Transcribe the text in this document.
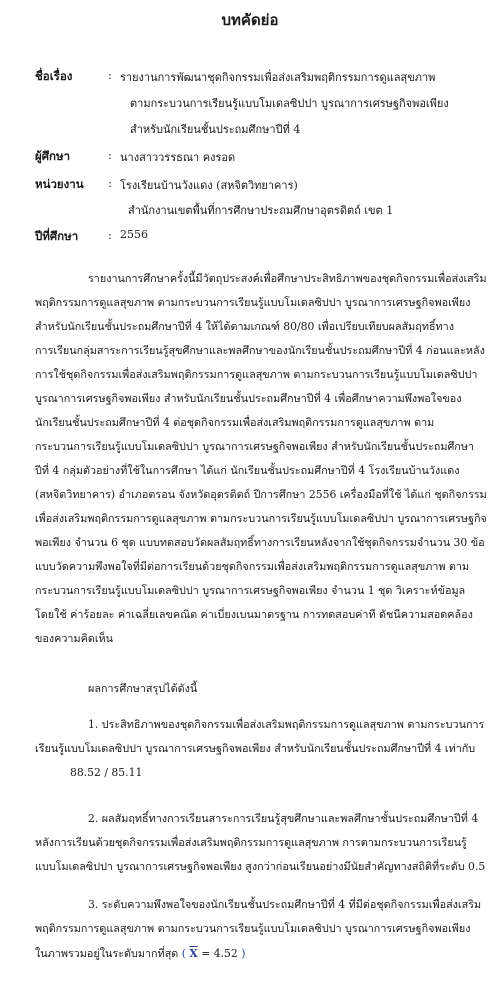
บทคัดย่อ
ชื่อเรื่อง	: รายงานการพัฒนาชุดกิจกรรมเพื่อส่งเสริมพฤติกรรมการดูแลสุขภาพ
ตามกระบวนการเรียนรู้แบบโมเดลซิปปา บูรณาการเศรษฐกิจพอเพียง
สำหรับนักเรียนชั้นประถมศึกษาปีที่ 4
ผู้ศึกษา	: นางสาววรรธณา คงรอด
หน่วยงาน : โรงเรียนบ้านวังแดง (สหจิตวิทยาคาร)
สำนักงานเขตพื้นที่การศึกษาประถมศึกษาอุตรดิตถ์ เขต 1
ปีที่ศึกษา	: 2556
รายงานการศึกษาครั้งนี้มีวัตถุประสงค์เพื่อศึกษาประสิทธิภาพของชุดกิจกรรมเพื่อส่งเสริม
พฤติกรรมการดูแลสุขภาพ ตามกระบวนการเรียนรู้แบบโมเดลซิปปา บูรณาการเศรษฐกิจพอเพียง
สำหรับนักเรียนชั้นประถมศึกษาปีที่ 4 ให้ได้ตามเกณฑ์ 80/80 เพื่อเปรียบเทียบผลสัมฤทธิ์ทาง
การเรียนกลุ่มสาระการเรียนรู้สุขศึกษาและพลศึกษาของนักเรียนชั้นประถมศึกษาปีที่ 4 ก่อนและหลัง
การใช้ชุดกิจกรรมเพื่อส่งเสริมพฤติกรรมการดูแลสุขภาพ ตามกระบวนการเรียนรู้แบบโมเดลซิปปา
บูรณาการเศรษฐกิจพอเพียง สำหรับนักเรียนชั้นประถมศึกษาปีที่ 4 เพื่อศึกษาความพึงพอใจของ
นักเรียนชั้นประถมศึกษาปีที่ 4 ต่อชุดกิจกรรมเพื่อส่งเสริมพฤติกรรมการดูแลสุขภาพ ตาม
กระบวนการเรียนรู้แบบโมเดลซิปปา บูรณาการเศรษฐกิจพอเพียง สำหรับนักเรียนชั้นประถมศึกษา
ปีที่ 4 กลุ่มตัวอย่างที่ใช้ในการศึกษา ได้แก่ นักเรียนชั้นประถมศึกษาปีที่ 4 โรงเรียนบ้านวังแดง
(สหจิตวิทยาคาร) อำเภอตรอน จังหวัดอุตรดิตถ์ ปีการศึกษา 2556 เครื่องมือที่ใช้ ได้แก่ ชุดกิจกรรม
เพื่อส่งเสริมพฤติกรรมการดูแลสุขภาพ ตามกระบวนการเรียนรู้แบบโมเดลซิปปา บูรณาการเศรษฐกิจ
พอเพียง จำนวน 6 ชุด แบบทดสอบวัดผลสัมฤทธิ์ทางการเรียนหลังจากใช้ชุดกิจกรรมจำนวน 30 ข้อ
แบบวัดความพึงพอใจที่มีต่อการเรียนด้วยชุดกิจกรรมเพื่อส่งเสริมพฤติกรรมการดูแลสุขภาพ ตาม
กระบวนการเรียนรู้แบบโมเดลซิปปา บูรณาการเศรษฐกิจพอเพียง จำนวน 1 ชุด วิเคราะห์ข้อมูล
โดยใช้ ค่าร้อยละ ค่าเฉลี่ยเลขคณิต ค่าเบี่ยงเบนมาตรฐาน การทดสอบค่าที ดัชนีความสอดคล้อง
ของความคิดเห็น
ผลการศึกษาสรุปได้ดังนี้
1. ประสิทธิภาพของชุดกิจกรรมเพื่อส่งเสริมพฤติกรรมการดูแลสุขภาพ ตามกระบวนการ
เรียนรู้แบบโมเดลซิปปา บูรณาการเศรษฐกิจพอเพียง สำหรับนักเรียนชั้นประถมศึกษาปีที่ 4 เท่ากับ
88.52 / 85.11
2. ผลสัมฤทธิ์ทางการเรียนสาระการเรียนรู้สุขศึกษาและพลศึกษาชั้นประถมศึกษาปีที่ 4
หลังการเรียนด้วยชุดกิจกรรมเพื่อส่งเสริมพฤติกรรมการดูแลสุขภาพ การตามกระบวนการเรียนรู้
แบบโมเดลซิปปา บูรณาการเศรษฐกิจพอเพียง สูงกว่าก่อนเรียนอย่างมีนัยสำคัญทางสถิติที่ระดับ 0.5
3. ระดับความพึงพอใจของนักเรียนชั้นประถมศึกษาปีที่ 4 ที่มีต่อชุดกิจกรรมเพื่อส่งเสริม
พฤติกรรมการดูแลสุขภาพ ตามกระบวนการเรียนรู้แบบโมเดลซิปปา บูรณาการเศรษฐกิจพอเพียง
ในภาพรวมอยู่ในระดับมากที่สุด ( $\overline{X} = 4.52$ )
